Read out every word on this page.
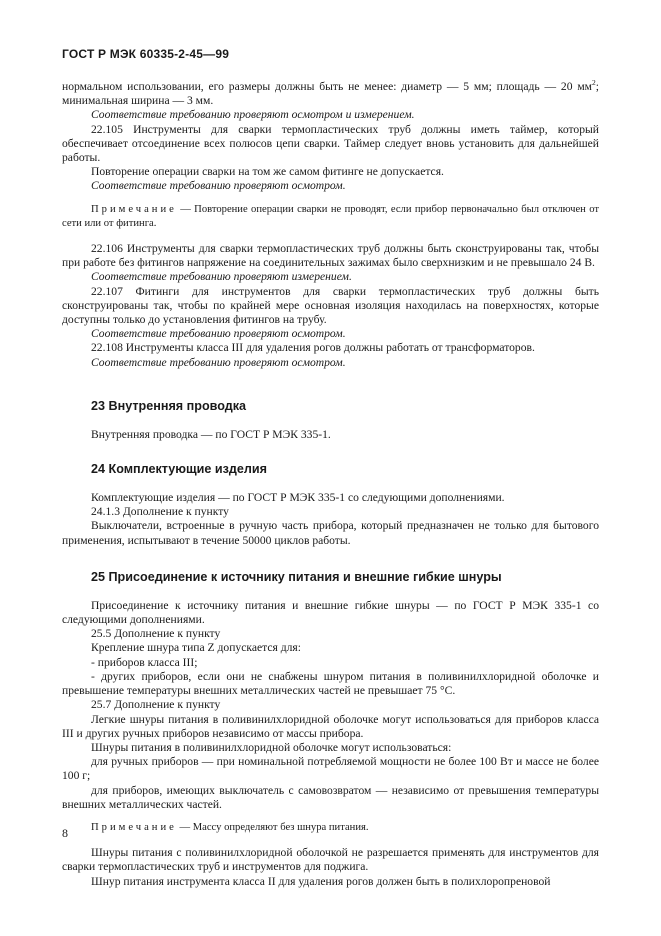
ГОСТ Р МЭК 60335-2-45—99

нормальном использовании, его размеры должны быть не менее: диаметр — 5 мм; площадь — 20 $мм^2$; минимальная ширина — 3 мм.

Соответствие требованию проверяют осмотром и измерением.

22.105 Инструменты для сварки термопластических труб должны иметь таймер, который обеспечивает отсоединение всех полюсов цепи сварки. Таймер следует вновь установить для дальнейшей работы.

Повторение операции сварки на том же самом фитинге не допускается.

Соответствие требованию проверяют осмотром.

Примечание — Повторение операции сварки не проводят, если прибор первоначально был отключен от сети или от фитинга.

22.106 Инструменты для сварки термопластических труб должны быть сконструированы так, чтобы при работе без фитингов напряжение на соединительных зажимах было сверхнизким и не превышало 24 В.

Соответствие требованию проверяют измерением.

22.107 Фитинги для инструментов для сварки термопластических труб должны быть сконструированы так, чтобы по крайней мере основная изоляция находилась на поверхностях, которые доступны только до установления фитингов на трубу.

Соответствие требованию проверяют осмотром.

22.108 Инструменты класса III для удаления рогов должны работать от трансформаторов.

Соответствие требованию проверяют осмотром.

23 Внутренняя проводка

Внутренняя проводка — по ГОСТ Р МЭК 335-1.

24 Комплектующие изделия

Комплектующие изделия — по ГОСТ Р МЭК 335-1 со следующими дополнениями.

24.1.3 Дополнение к пункту

Выключатели, встроенные в ручную часть прибора, который предназначен не только для бытового применения, испытывают в течение 50000 циклов работы.

25 Присоединение к источнику питания и внешние гибкие шнуры

Присоединение к источнику питания и внешние гибкие шнуры — по ГОСТ Р МЭК 335-1 со следующими дополнениями.

25.5 Дополнение к пункту

Крепление шнура типа Z допускается для:

- приборов класса III;

- других приборов, если они не снабжены шнуром питания в поливинилхлоридной оболочке и превышение температуры внешних металлических частей не превышает 75 °С.

25.7 Дополнение к пункту

Легкие шнуры питания в поливинилхлоридной оболочке могут использоваться для приборов класса III и других ручных приборов независимо от массы прибора.

Шнуры питания в поливинилхлоридной оболочке могут использоваться:

для ручных приборов — при номинальной потребляемой мощности не более 100 Вт и массе не более 100 г;

для приборов, имеющих выключатель с самовозвратом — независимо от превышения температуры внешних металлических частей.

Примечание — Массу определяют без шнура питания.

Шнуры питания с поливинилхлоридной оболочкой не разрешается применять для инструментов для сварки термопластических труб и инструментов для поджига.

Шнур питания инструмента класса II для удаления рогов должен быть в полихлоропреновой

8
